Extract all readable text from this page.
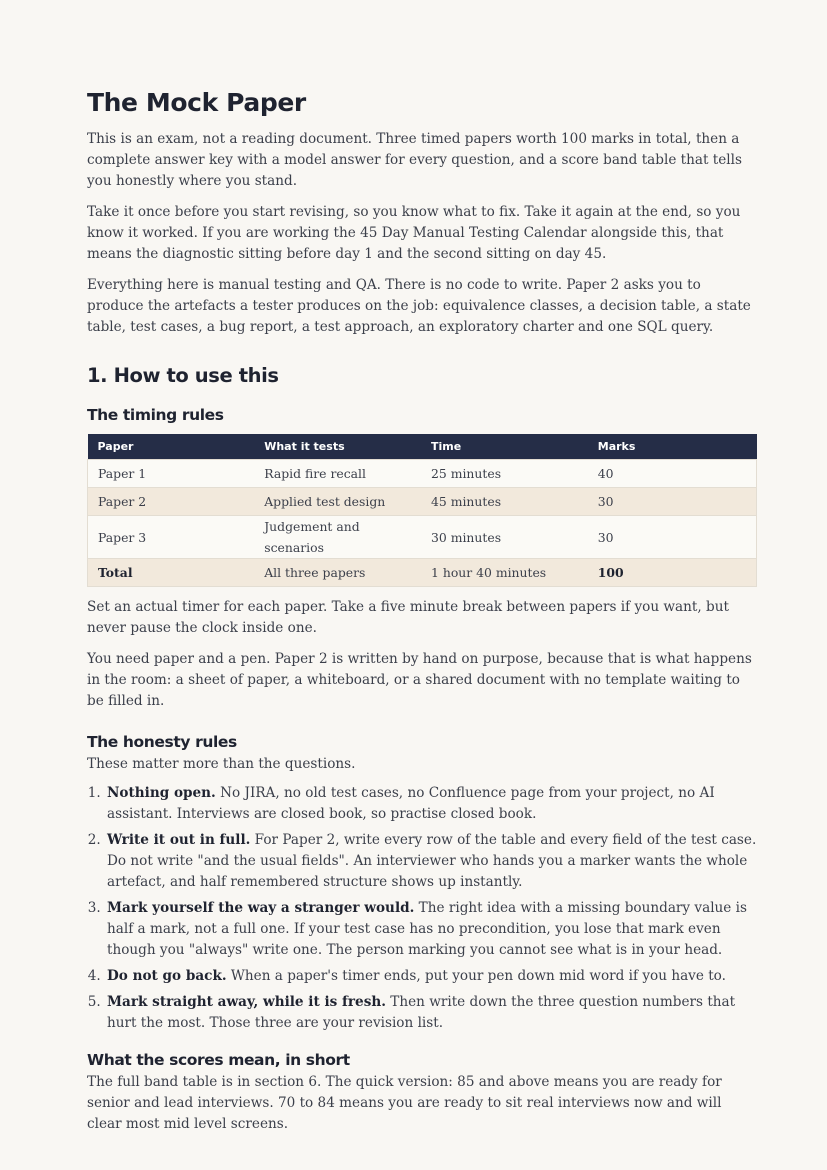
The Mock Paper

This is an exam, not a reading document. Three timed papers worth 100 marks in total, then a complete answer key with a model answer for every question, and a score band table that tells you honestly where you stand.

Take it once before you start revising, so you know what to fix. Take it again at the end, so you know it worked. If you are working the 45 Day Manual Testing Calendar alongside this, that means the diagnostic sitting before day 1 and the second sitting on day 45.

Everything here is manual testing and QA. There is no code to write. Paper 2 asks you to produce the artefacts a tester produces on the job: equivalence classes, a decision table, a state table, test cases, a bug report, a test approach, an exploratory charter and one SQL query.

1. How to use this
The timing rules
Paper	What it tests	Time	Marks
Paper 1	Rapid fire recall	25 minutes	40
Paper 2	Applied test design	45 minutes	30
Paper 3	Judgement and scenarios	30 minutes	30
Total	All three papers	1 hour 40 minutes	100

Set an actual timer for each paper. Take a five minute break between papers if you want, but never pause the clock inside one.

You need paper and a pen. Paper 2 is written by hand on purpose, because that is what happens in the room: a sheet of paper, a whiteboard, or a shared document with no template waiting to be filled in.

The honesty rules

These matter more than the questions.

1. Nothing open. No JIRA, no old test cases, no Confluence page from your project, no AI assistant. Interviews are closed book, so practise closed book.
2. Write it out in full. For Paper 2, write every row of the table and every field of the test case. Do not write "and the usual fields". An interviewer who hands you a marker wants the whole artefact, and half remembered structure shows up instantly.
3. Mark yourself the way a stranger would. The right idea with a missing boundary value is half a mark, not a full one. If your test case has no precondition, you lose that mark even though you "always" write one. The person marking you cannot see what is in your head.
4. Do not go back. When a paper's timer ends, put your pen down mid word if you have to.
5. Mark straight away, while it is fresh. Then write down the three question numbers that hurt the most. Those three are your revision list.
What the scores mean, in short

The full band table is in section 6. The quick version: 85 and above means you are ready for senior and lead interviews. 70 to 84 means you are ready to sit real interviews now and will clear most mid level screens.
